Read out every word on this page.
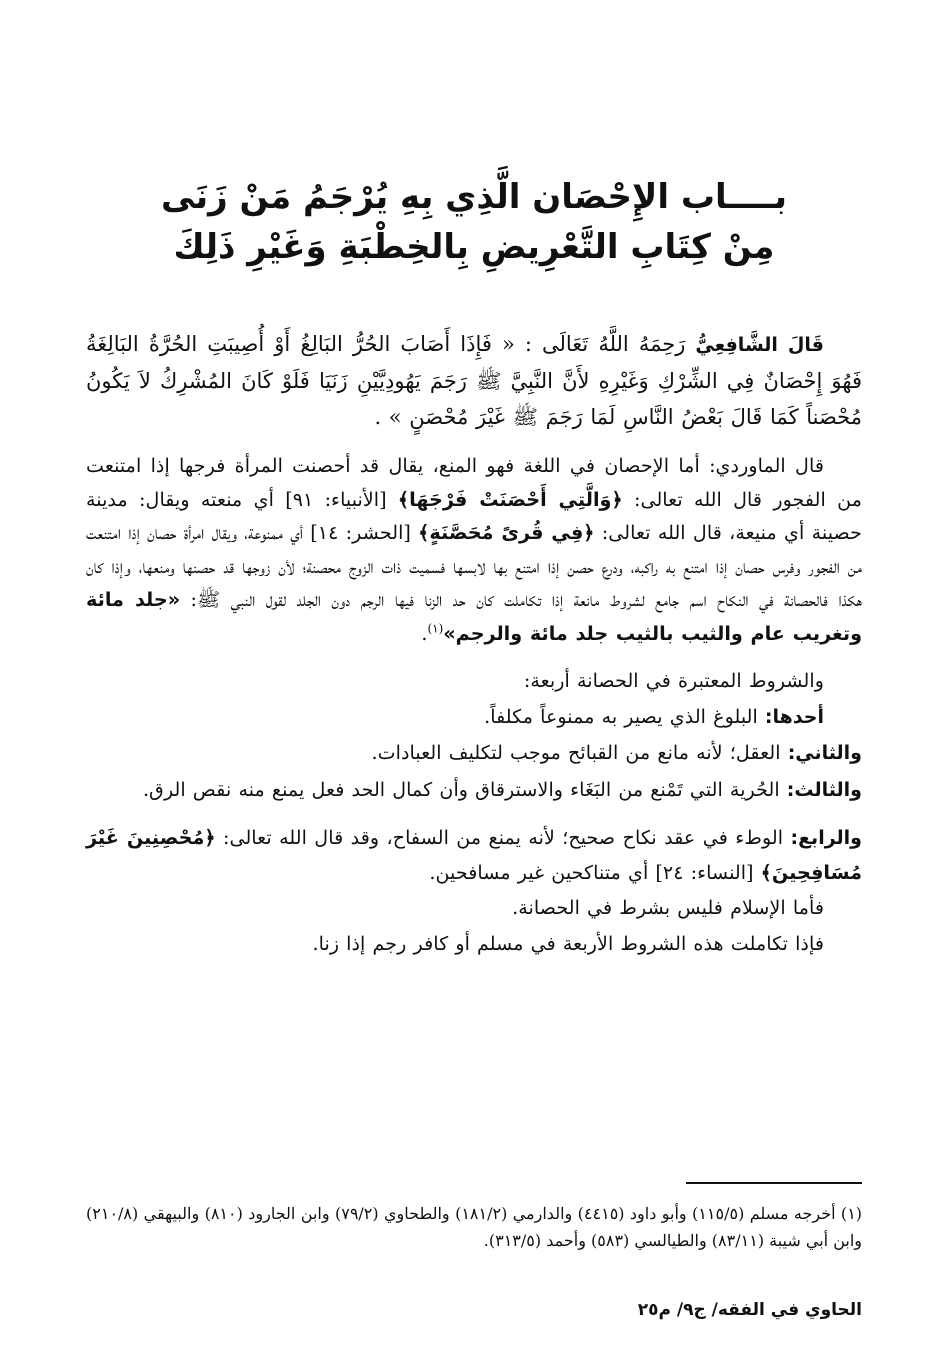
بــــاب الإِحْصَان الَّذِي بِهِ يُرْجَمُ مَنْ زَنَى
مِنْ كِتَابِ التَّعْرِيضِ بِالخِطْبَةِ وَغَيْرِ ذَلِكَ

قَالَ الشَّافِعِيُّ رَحِمَهُ اللَّهُ تَعَالَى : « فَإِذَا أَصَابَ الحُرُّ البَالِغُ أَوْ أُصِيبَتِ الحُرَّةُ البَالِغَةُ فَهُوَ إِحْصَانٌ فِي الشِّرْكِ وَغَيْرِهِ لأَنَّ النَّبِيَّ ﷺ رَجَمَ يَهُودِيَّيْنِ زَنَيَا فَلَوْ كَانَ المُشْرِكُ لاَ يَكُونُ مُحْصَناً كَمَا قَالَ بَعْضُ النَّاسِ لَمَا رَجَمَ ﷺ غَيْرَ مُحْصَنٍ » .

قال الماوردي: أما الإحصان في اللغة فهو المنع، يقال قد أحصنت المرأة فرجها إذا امتنعت من الفجور قال الله تعالى: ﴿وَالَّتِي أَحْصَنَتْ فَرْجَهَا﴾ [الأنبياء: ٩١] أي منعته ويقال: مدينة حصينة أي منيعة، قال الله تعالى: ﴿فِي قُرىً مُحَصَّنَةٍ﴾ [الحشر: ١٤] أي ممنوعة، ويقال امرأة حصان إذا امتنعت من الفجور وفرس حصان إذا امتنع به راكبه، ودرع حصن إذا امتنع بها لابسها فسميت ذات الزوج محصنة؛ لأن زوجها قد حصنها ومنعها، وإذا كان هكذا فالحصانة في النكاح اسم جامع لشروط مانعة إذا تكاملت كان حد الزنا فيها الرجم دون الجلد لقول النبي ﷺ: «جلد مائة وتغريب عام والثيب بالثيب جلد مائة والرجم»$^{(١)}$.

والشروط المعتبرة في الحصانة أربعة:

أحدها: البلوغ الذي يصير به ممنوعاً مكلفاً.

والثاني: العقل؛ لأنه مانع من القبائح موجب لتكليف العبادات.

والثالث: الحُرية التي تَمْنع من البَغَاء والاسترقاق وأن كمال الحد فعل يمنع منه نقص الرق.

والرابع: الوطء في عقد نكاح صحيح؛ لأنه يمنع من السفاح، وقد قال الله تعالى: ﴿مُحْصِنِينَ غَيْرَ مُسَافِحِينَ﴾ [النساء: ٢٤] أي متناكحين غير مسافحين.

فأما الإسلام فليس بشرط في الحصانة.

فإذا تكاملت هذه الشروط الأربعة في مسلم أو كافر رجم إذا زنا.

(١) أخرجه مسلم (١١٥/٥) وأبو داود (٤٤١٥) والدارمي (١٨١/٢) والطحاوي (٧٩/٢) وابن الجارود (٨١٠) والبيهقي (٢١٠/٨) وابن أبي شيبة (٨٣/١١) والطيالسي (٥٨٣) وأحمد (٣١٣/٥).
الحاوي في الفقه/ ج٩/ م٢٥
